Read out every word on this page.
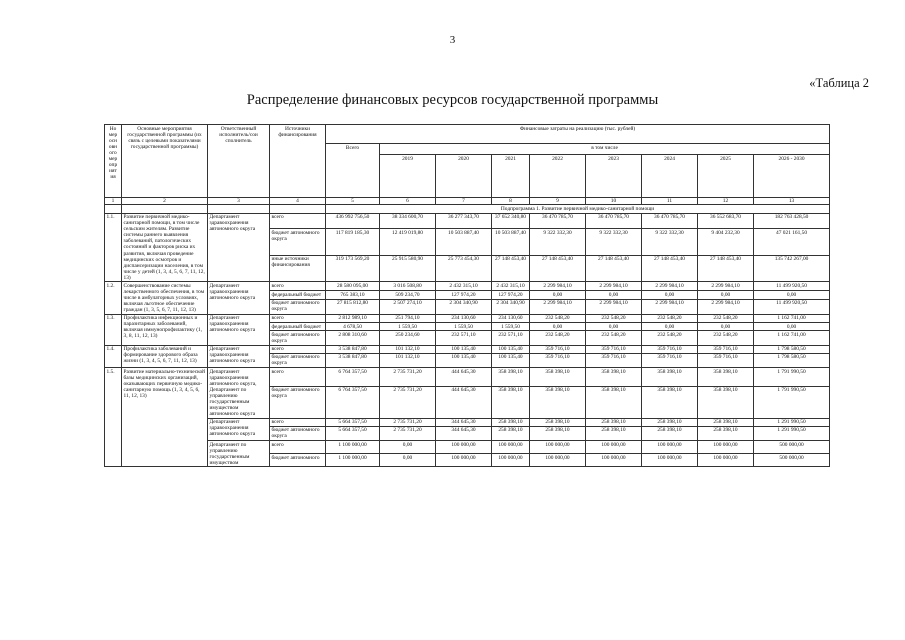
3
«Таблица 2
Распределение финансовых ресурсов государственной программы
Но мер осн овн ого мер опр ият ия	Основные мероприятия государственной программы (их связь с целевыми показателями государственной программы)	Ответственный исполнитель/сои сполнитель	Источники финансирования	Финансовые затраты на реализацию (тыс. рублей)								
				Всего	в том числе							
					2019	2020	2021	2022	2023	2024	2025	2026 - 2030
1	2	3	4	5	6	7	8	9	10	11	12	13
				Подпрограмма 1. Развитие первичной медико-санитарной помощи								
1.1.	Развитие первичной медико-санитарной помощи, в том числе сельским жителям. Развитие системы раннего выявления заболеваний, патологических состояний и факторов риска их развития, включая проведение медицинских осмотров и диспансеризации населения, в том числе у детей (1, 3, 4, 5, 6, 7, 11, 12, 13)	Департамент здравоохранения автономного округа	всего	436 992 756,50	38 334 600,70	36 277 343,70	37 652 340,80	36 470 785,70	36 470 785,70	36 470 785,70	36 552 683,70	182 763 428,50
			бюджет автономного округа	117 819 185,30	12 419 019,80	10 503 887,40	10 503 887,40	9 322 332,30	9 322 332,30	9 322 332,30	9 404 232,30	47 021 161,50
			иные источники финансирования	319 173 569,20	25 915 580,90	25 773 454,30	27 148 453,40	27 148 453,40	27 148 453,40	27 148 453,40	27 148 453,40	135 742 267,00
1.2.	Совершенствование системы лекарственного обеспечения, в том числе в амбулаторных условиях, включая льготное обеспечение граждан (1, 3, 5, 6, 7, 11, 12, 13)	Департамент здравоохранения автономного округа	всего	28 580 095,00	3 016 508,80	2 432 315,10	2 432 315,10	2 299 984,10	2 299 984,10	2 299 984,10	2 299 984,10	11 499 920,50
			федеральный бюджет	765 383,10	509 234,70	127 974,20	127 974,20	0,00	0,00	0,00	0,00	0,00
			бюджет автономного округа	27 815 812,80	2 507 274,10	2 304 340,90	2 304 340,90	2 299 984,10	2 299 984,10	2 299 984,10	2 299 984,10	11 499 920,50
1.3.	Профилактика инфекционных и паразитарных заболеваний, включая иммунопрофилактику (1, 3, 8, 11, 12, 13)	Департамент здравоохранения автономного округа	всего	2 812 989,10	251 794,10	234 130,60	234 130,60	232 548,20	232 548,20	232 548,20	232 548,20	1 162 741,00
			федеральный бюджет	4 678,50	1 559,50	1 559,50	1 559,50	0,00	0,00	0,00	0,00	0,00
			бюджет автономного округа	2 808 310,60	250 234,60	232 571,10	232 571,10	232 548,20	232 548,20	232 548,20	232 548,20	1 162 741,00
1.4.	Профилактика заболеваний и формирование здорового образа жизни (1, 3, 4, 5, 6, 7, 11, 12, 13)	Департамент здравоохранения автономного округа	всего	3 538 847,80	101 132,10	100 135,40	100 135,40	359 716,10	359 716,10	359 716,10	359 716,10	1 798 580,50
			бюджет автономного округа	3 538 847,80	101 132,10	100 135,40	100 135,40	359 716,10	359 716,10	359 716,10	359 716,10	1 798 580,50
1.5.	Развитие материально-технической базы медицинских организаций, оказывающих первичную медико-санитарную помощь (1, 3, 4, 5, 6, 11, 12, 13)	Департамент здравоохранения автономного округа, Департамент по управлению государственным имуществом автономного округа	всего	6 764 357,50	2 735 731,20	444 645,30	358 398,10	358 398,10	358 398,10	358 398,10	358 398,10	1 791 990,50
			бюджет автономного округа	6 764 357,50	2 735 731,20	444 645,30	358 398,10	358 398,10	358 398,10	358 398,10	358 398,10	1 791 990,50
		Департамент здравоохранения автономного округа	всего	5 664 357,50	2 735 731,20	344 645,30	258 398,10	258 398,10	258 398,10	258 398,10	258 398,10	1 291 990,50
			бюджет автономного округа	5 664 357,50	2 735 731,20	344 645,30	258 398,10	258 398,10	258 398,10	258 398,10	258 398,10	1 291 990,50
		Департамент по управлению государственным имуществом	всего	1 100 000,00	0,00	100 000,00	100 000,00	100 000,00	100 000,00	100 000,00	100 000,00	500 000,00
			бюджет автономного	1 100 000,00	0,00	100 000,00	100 000,00	100 000,00	100 000,00	100 000,00	100 000,00	500 000,00
